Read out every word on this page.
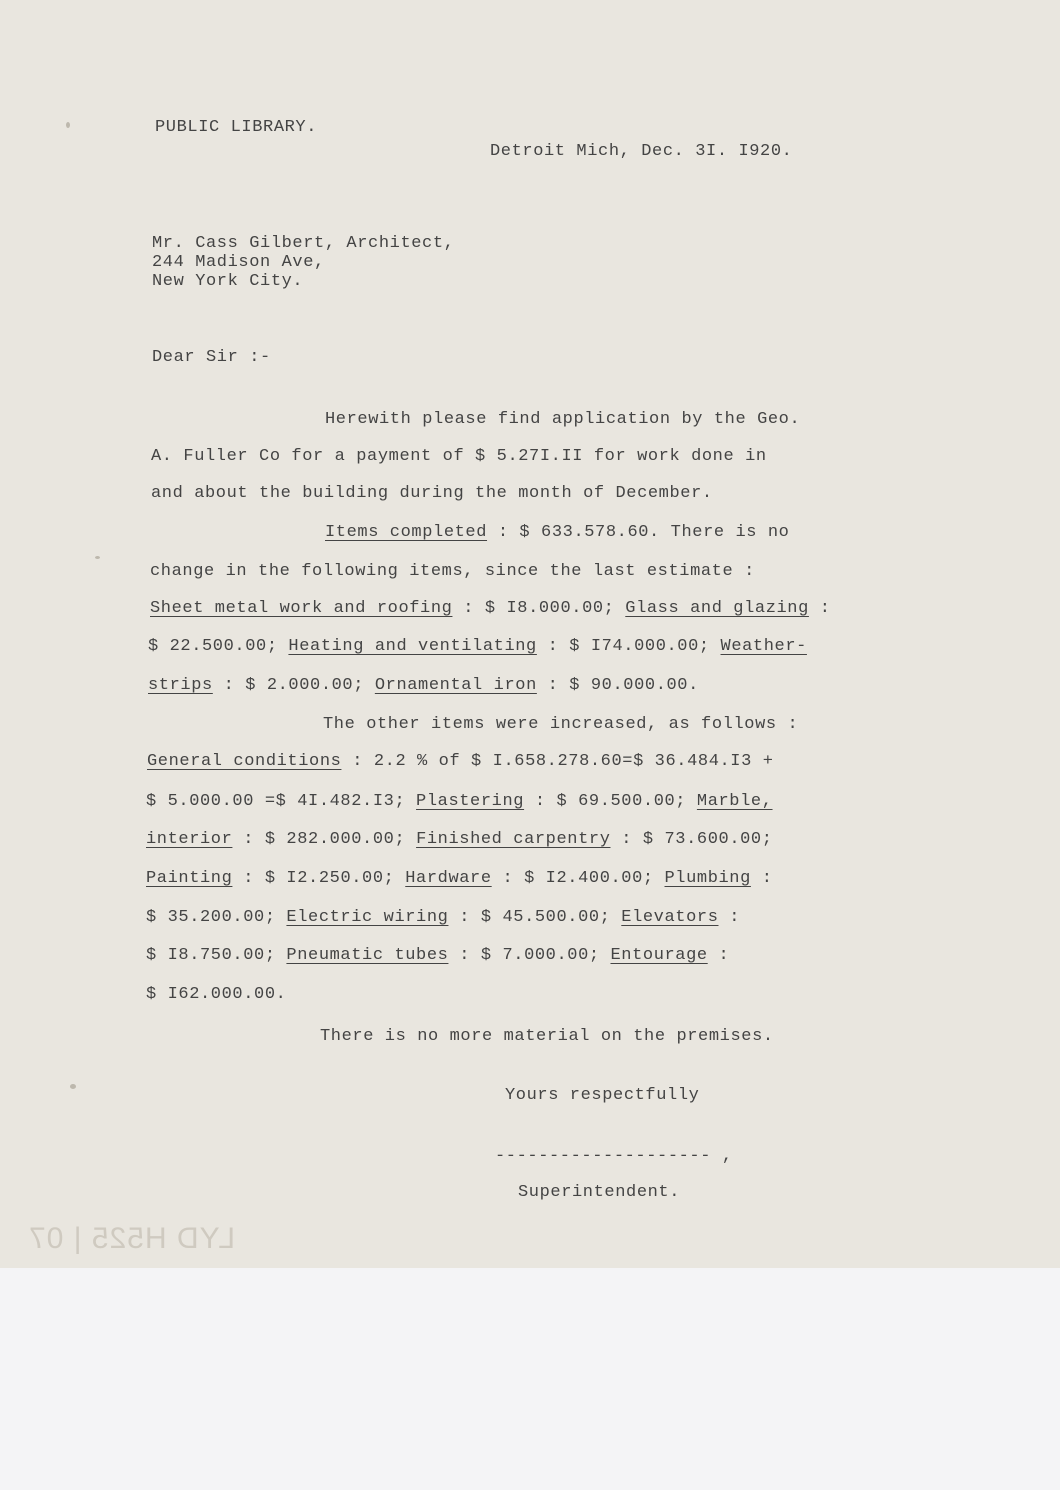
PUBLIC LIBRARY.
Detroit Mich, Dec. 3I. I920.
Mr. Cass Gilbert, Architect,
244 Madison Ave,
New York City.
Dear Sir :-
Herewith please find application by the Geo.
A. Fuller Co for a payment of $ 5.27I.II for work done in
and about the building during the month of December.
Items completed : $ 633.578.60. There is no
change in the following items, since the last estimate :
Sheet metal work and roofing : $ I8.000.00; Glass and glazing :
$ 22.500.00; Heating and ventilating : $ I74.000.00; Weather-
strips : $ 2.000.00; Ornamental iron : $ 90.000.00.
The other items were increased, as follows :
General conditions : 2.2 % of $ I.658.278.60=$ 36.484.I3 +
$ 5.000.00 =$ 4I.482.I3; Plastering : $ 69.500.00; Marble,
interior : $ 282.000.00; Finished carpentry : $ 73.600.00;
Painting : $ I2.250.00; Hardware : $ I2.400.00; Plumbing :
$ 35.200.00; Electric wiring : $ 45.500.00; Elevators :
$ I8.750.00; Pneumatic tubes : $ 7.000.00; Entourage :
$ I62.000.00.
There is no more material on the premises.
Yours respectfully
-------------------- ,
Superintendent.
LYD H525 | 07
